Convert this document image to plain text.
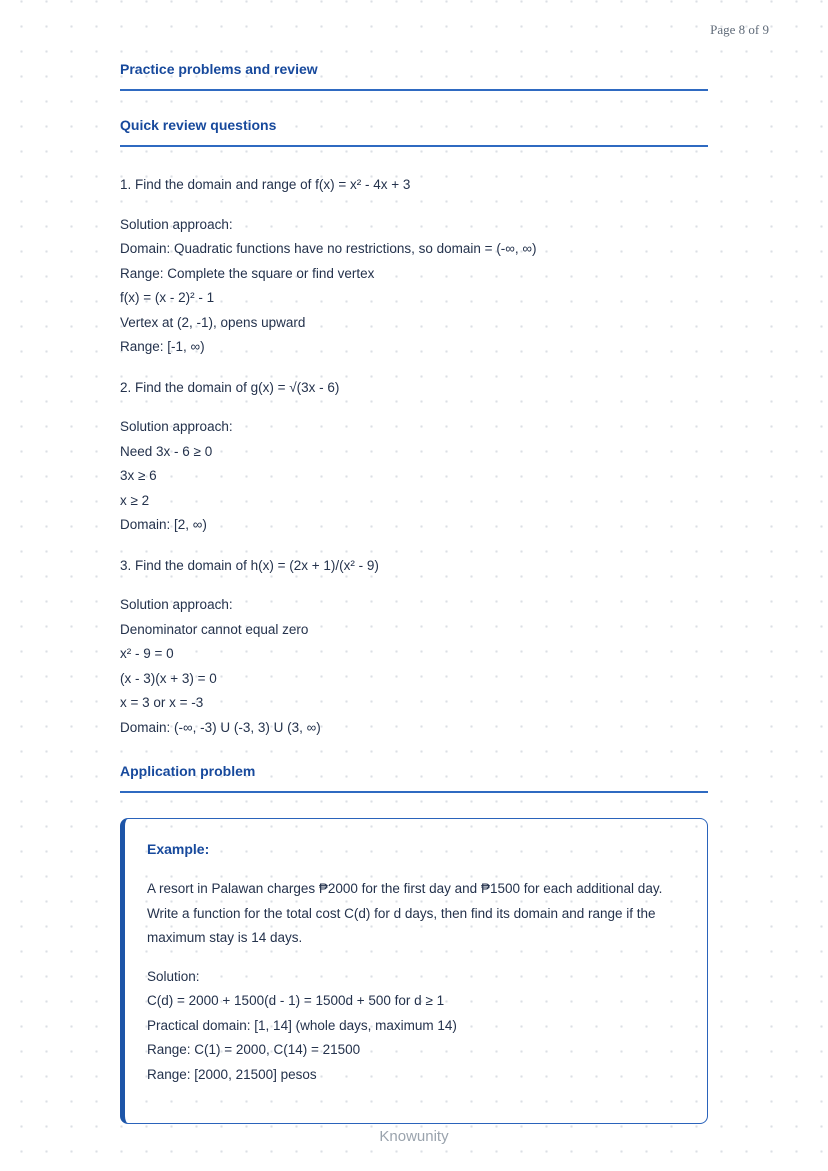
Page 8 of 9
Practice problems and review
Quick review questions

1. Find the domain and range of f(x) = x² - 4x + 3

Solution approach:

Domain: Quadratic functions have no restrictions, so domain = (-∞, ∞)

Range: Complete the square or find vertex

f(x) = (x - 2)² - 1

Vertex at (2, -1), opens upward

Range: [-1, ∞)

2. Find the domain of g(x) = √(3x - 6)

Solution approach:

Need 3x - 6 ≥ 0

3x ≥ 6

x ≥ 2

Domain: [2, ∞)

3. Find the domain of h(x) = (2x + 1)/(x² - 9)

Solution approach:

Denominator cannot equal zero

x² - 9 = 0

(x - 3)(x + 3) = 0

x = 3 or x = -3

Domain: (-∞, -3) U (-3, 3) U (3, ∞)

Application problem
Example:

A resort in Palawan charges ₱2000 for the first day and ₱1500 for each additional day. Write a function for the total cost C(d) for d days, then find its domain and range if the maximum stay is 14 days.

Solution:

C(d) = 2000 + 1500(d - 1) = 1500d + 500 for d ≥ 1

Practical domain: [1, 14] (whole days, maximum 14)

Range: C(1) = 2000, C(14) = 21500

Range: [2000, 21500] pesos

Knowunity
